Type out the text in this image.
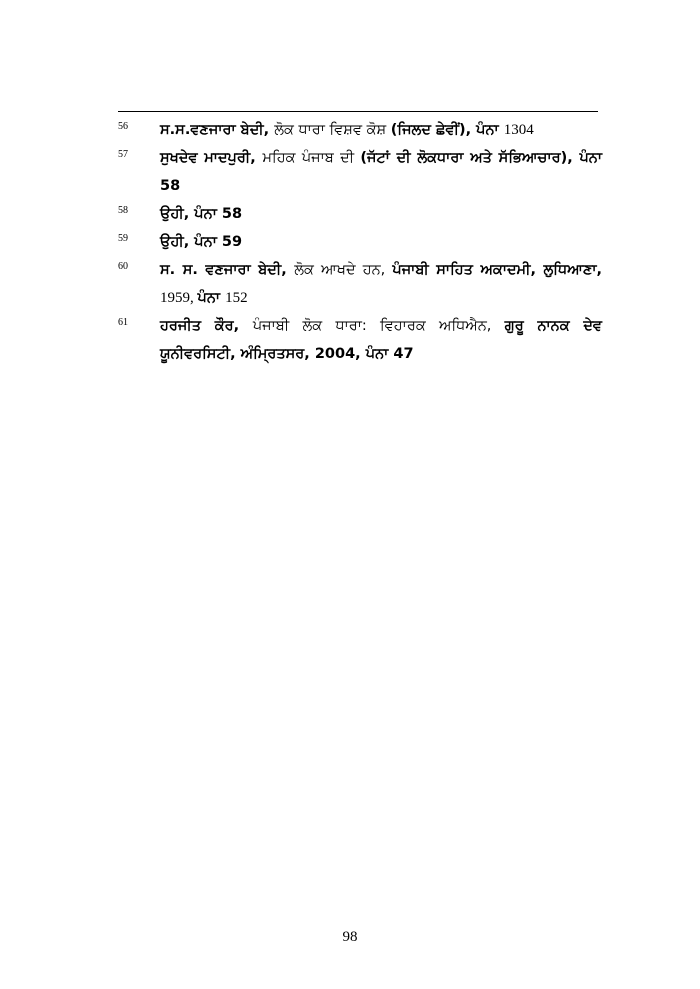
56 ਸ.ਸ.ਵਣਜਾਰਾ ਬੇਦੀ, ਲੋਕ ਧਾਰਾ ਵਿਸ਼ਵ ਕੋਸ਼ (ਜਿਲਦ ਛੇਵੀਂ), ਪੰਨਾ 1304
57 ਸੁਖਦੇਵ ਮਾਦਪੁਰੀ, ਮਹਿਕ ਪੰਜਾਬ ਦੀ (ਜੱਟਾਂ ਦੀ ਲੋਕਧਾਰਾ ਅਤੇ ਸੱਭਿਆਚਾਰ), ਪੰਨਾ 58
58 ਉਹੀ, ਪੰਨਾ 58
59 ਉਹੀ, ਪੰਨਾ 59
60 ਸ. ਸ. ਵਣਜਾਰਾ ਬੇਦੀ, ਲੋਕ ਆਖਦੇ ਹਨ, ਪੰਜਾਬੀ ਸਾਹਿਤ ਅਕਾਦਮੀ, ਲੁਧਿਆਣਾ, 1959, ਪੰਨਾ 152
61 ਹਰਜੀਤ ਕੌਰ, ਪੰਜਾਬੀ ਲੋਕ ਧਾਰਾ: ਵਿਹਾਰਕ ਅਧਿਐਨ, ਗੁਰੂ ਨਾਨਕ ਦੇਵ ਯੂਨੀਵਰਸਿਟੀ, ਅੰਮ੍ਰਿਤਸਰ, 2004, ਪੰਨਾ 47
98
